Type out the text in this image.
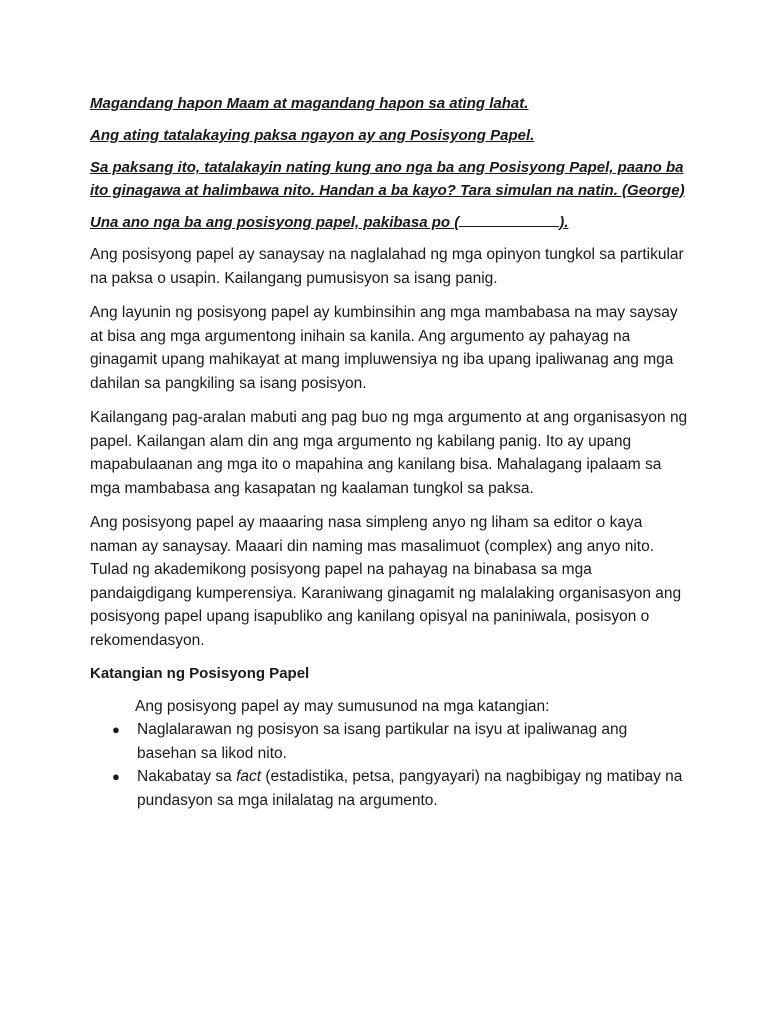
Magandang hapon Maam at magandang hapon sa ating lahat.

Ang ating tatalakaying paksa ngayon ay ang Posisyong Papel.

Sa paksang ito, tatalakayin nating kung ano nga ba ang Posisyong Papel, paano ba ito ginagawa at halimbawa nito. Handan a ba kayo? Tara simulan na natin. (George)

Una ano nga ba ang posisyong papel, pakibasa po (	).

Ang posisyong papel ay sanaysay na naglalahad ng mga opinyon tungkol sa partikular na paksa o usapin. Kailangang pumusisyon sa isang panig.

Ang layunin ng posisyong papel ay kumbinsihin ang mga mambabasa na may saysay at bisa ang mga argumentong inihain sa kanila. Ang argumento ay pahayag na ginagamit upang mahikayat at mang impluwensiya ng iba upang ipaliwanag ang mga dahilan sa pangkiling sa isang posisyon.

Kailangang pag-aralan mabuti ang pag buo ng mga argumento at ang organisasyon ng papel. Kailangan alam din ang mga argumento ng kabilang panig. Ito ay upang mapabulaanan ang mga ito o mapahina ang kanilang bisa. Mahalagang ipalaam sa mga mambabasa ang kasapatan ng kaalaman tungkol sa paksa.

Ang posisyong papel ay maaaring nasa simpleng anyo ng liham sa editor o kaya naman ay sanaysay. Maaari din naming mas masalimuot (complex) ang anyo nito. Tulad ng akademikong posisyong papel na pahayag na binabasa sa mga pandaigdigang kumperensiya. Karaniwang ginagamit ng malalaking organisasyon ang posisyong papel upang isapubliko ang kanilang opisyal na paniniwala, posisyon o rekomendasyon.

Katangian ng Posisyong Papel
Ang posisyong papel ay may sumusunod na mga katangian:
● Naglalarawan ng posisyon sa isang partikular na isyu at ipaliwanag ang basehan sa likod nito.
● Nakabatay sa fact (estadistika, petsa, pangyayari) na nagbibigay ng matibay na pundasyon sa mga inilalatag na argumento.
